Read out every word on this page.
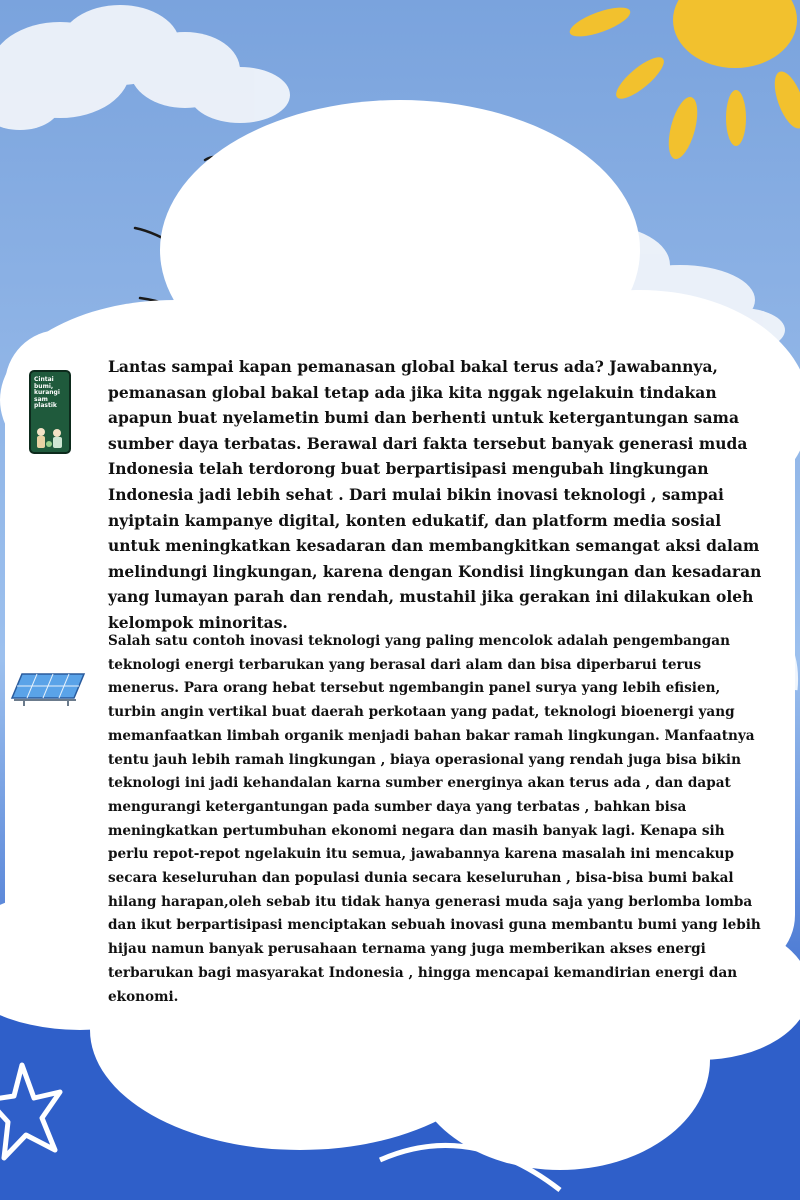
Cintai bumi, kurangi sam plastik

Lantas sampai kapan pemanasan global bakal terus ada? Jawabannya, pemanasan global bakal tetap ada jika kita nggak ngelakuin tindakan apapun buat nyelametin bumi dan berhenti untuk ketergantungan sama sumber daya terbatas. Berawal dari fakta tersebut banyak generasi muda Indonesia telah terdorong buat berpartisipasi mengubah lingkungan Indonesia jadi lebih sehat . Dari mulai bikin inovasi teknologi , sampai nyiptain kampanye digital, konten edukatif, dan platform media sosial untuk meningkatkan kesadaran dan membangkitkan semangat aksi dalam melindungi lingkungan, karena dengan Kondisi lingkungan dan kesadaran yang lumayan parah dan rendah, mustahil jika gerakan ini dilakukan oleh kelompok minoritas.

Salah satu contoh inovasi teknologi yang paling mencolok adalah pengembangan teknologi energi terbarukan yang berasal dari alam dan bisa diperbarui terus menerus. Para orang hebat tersebut ngembangin panel surya yang lebih efisien, turbin angin vertikal buat daerah perkotaan yang padat, teknologi bioenergi yang memanfaatkan limbah organik menjadi bahan bakar ramah lingkungan. Manfaatnya tentu jauh lebih ramah lingkungan , biaya operasional yang rendah juga bisa bikin teknologi ini jadi kehandalan karna sumber energinya akan terus ada , dan dapat mengurangi ketergantungan pada sumber daya yang terbatas , bahkan bisa meningkatkan pertumbuhan ekonomi negara dan masih banyak lagi. Kenapa sih perlu repot-repot ngelakuin itu semua, jawabannya karena masalah ini mencakup secara keseluruhan dan populasi dunia secara keseluruhan , bisa-bisa bumi bakal hilang harapan,oleh sebab itu tidak hanya generasi muda saja yang berlomba lomba dan ikut berpartisipasi menciptakan sebuah inovasi guna membantu bumi yang lebih hijau namun banyak perusahaan ternama yang juga memberikan akses energi terbarukan bagi masyarakat Indonesia , hingga mencapai kemandirian energi dan ekonomi.
